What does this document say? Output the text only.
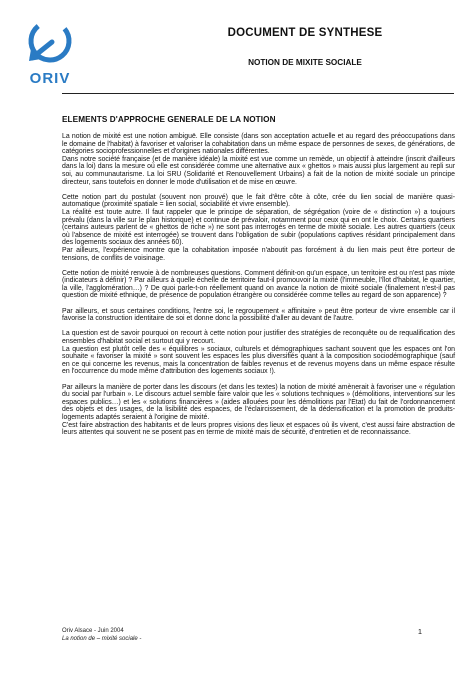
ORIV
DOCUMENT DE SYNTHESE
NOTION DE MIXITE SOCIALE
ELEMENTS D'APPROCHE GENERALE DE LA NOTION

La notion de mixité est une notion ambiguë. Elle consiste (dans son acceptation actuelle et au regard des préoccupations dans le domaine de l'habitat) à favoriser et valoriser la cohabitation dans un même espace de personnes de sexes, de générations, de catégories socioprofessionnelles et d'origines nationales différentes.

Dans notre société française (et de manière idéale) la mixité est vue comme un remède, un objectif à atteindre (inscrit d'ailleurs dans la loi) dans la mesure où elle est considérée comme une alternative aux « ghettos » mais aussi plus largement au repli sur soi, au communautarisme. La loi SRU (Solidarité et Renouvellement Urbains) a fait de la notion de mixité sociale un principe directeur, sans toutefois en donner le mode d'utilisation et de mise en œuvre.

Cette notion part du postulat (souvent non prouvé) que le fait d'être côte à côte, crée du lien social de manière quasi-automatique (proximité spatiale = lien social, sociabilité et vivre ensemble).

La réalité est toute autre. Il faut rappeler que le principe de séparation, de ségrégation (voire de « distinction ») a toujours prévalu (dans la ville sur le plan historique) et continue de prévaloir, notamment pour ceux qui en ont le choix. Certains quartiers (certains auteurs parlent de « ghettos de riche ») ne sont pas interrogés en terme de mixité sociale. Les autres quartiers (ceux où l'absence de mixité est interrogée) se trouvent dans l'obligation de subir (populations captives résidant principalement dans des logements sociaux des années 60).

Par ailleurs, l'expérience montre que la cohabitation imposée n'aboutit pas forcément à du lien mais peut être porteur de tensions, de conflits de voisinage.

Cette notion de mixité renvoie à de nombreuses questions. Comment définit-on qu'un espace, un territoire est ou n'est pas mixte (indicateurs à définir) ? Par ailleurs à quelle échelle de territoire faut-il promouvoir la mixité (l'immeuble, l'îlot d'habitat, le quartier, la ville, l'agglomération…) ? De quoi parle-t-on réellement quand on avance la notion de mixité sociale (finalement n'est-il pas question de mixité ethnique, de présence de population étrangère ou considérée comme telles au regard de son apparence) ?

Par ailleurs, et sous certaines conditions, l'entre soi, le regroupement « affinitaire » peut être porteur de vivre ensemble car il favorise la construction identitaire de soi et donne donc la possibilité d'aller au devant de l'autre.

La question est de savoir pourquoi on recourt à cette notion pour justifier des stratégies de reconquête ou de requalification des ensembles d'habitat social et surtout qui y recourt.

La question est plutôt celle des « équilibres » sociaux, culturels et démographiques sachant souvent que les espaces ont l'on souhaite « favoriser la mixité » sont souvent les espaces les plus diversifiés quant à la composition sociodémographique (sauf en ce qui concerne les revenus, mais la concentration de faibles revenus et de revenus moyens dans un même espace résulte en l'occurrence du mode même d'attribution des logements sociaux !).

Par ailleurs la manière de porter dans les discours (et dans les textes) la notion de mixité amènerait à favoriser une « régulation du social par l'urbain ». Le discours actuel semble faire valoir que les « solutions techniques » (démolitions, interventions sur les espaces publics…) et les « solutions financières » (aides allouées pour les démolitions par l'Etat) du fait de l'ordonnancement des objets et des usages, de la lisibilité des espaces, de l'éclaircissement, de la dédensification et la promotion de produits-logements adaptés seraient à l'origine de mixité.

C'est faire abstraction des habitants et de leurs propres visions des lieux et espaces où ils vivent, c'est aussi faire abstraction de leurs attentes qui souvent ne se posent pas en terme de mixité mais de sécurité, d'entretien et de reconnaissance.

Oriv Alsace - Juin 2004
La notion de – mixité sociale -
1
